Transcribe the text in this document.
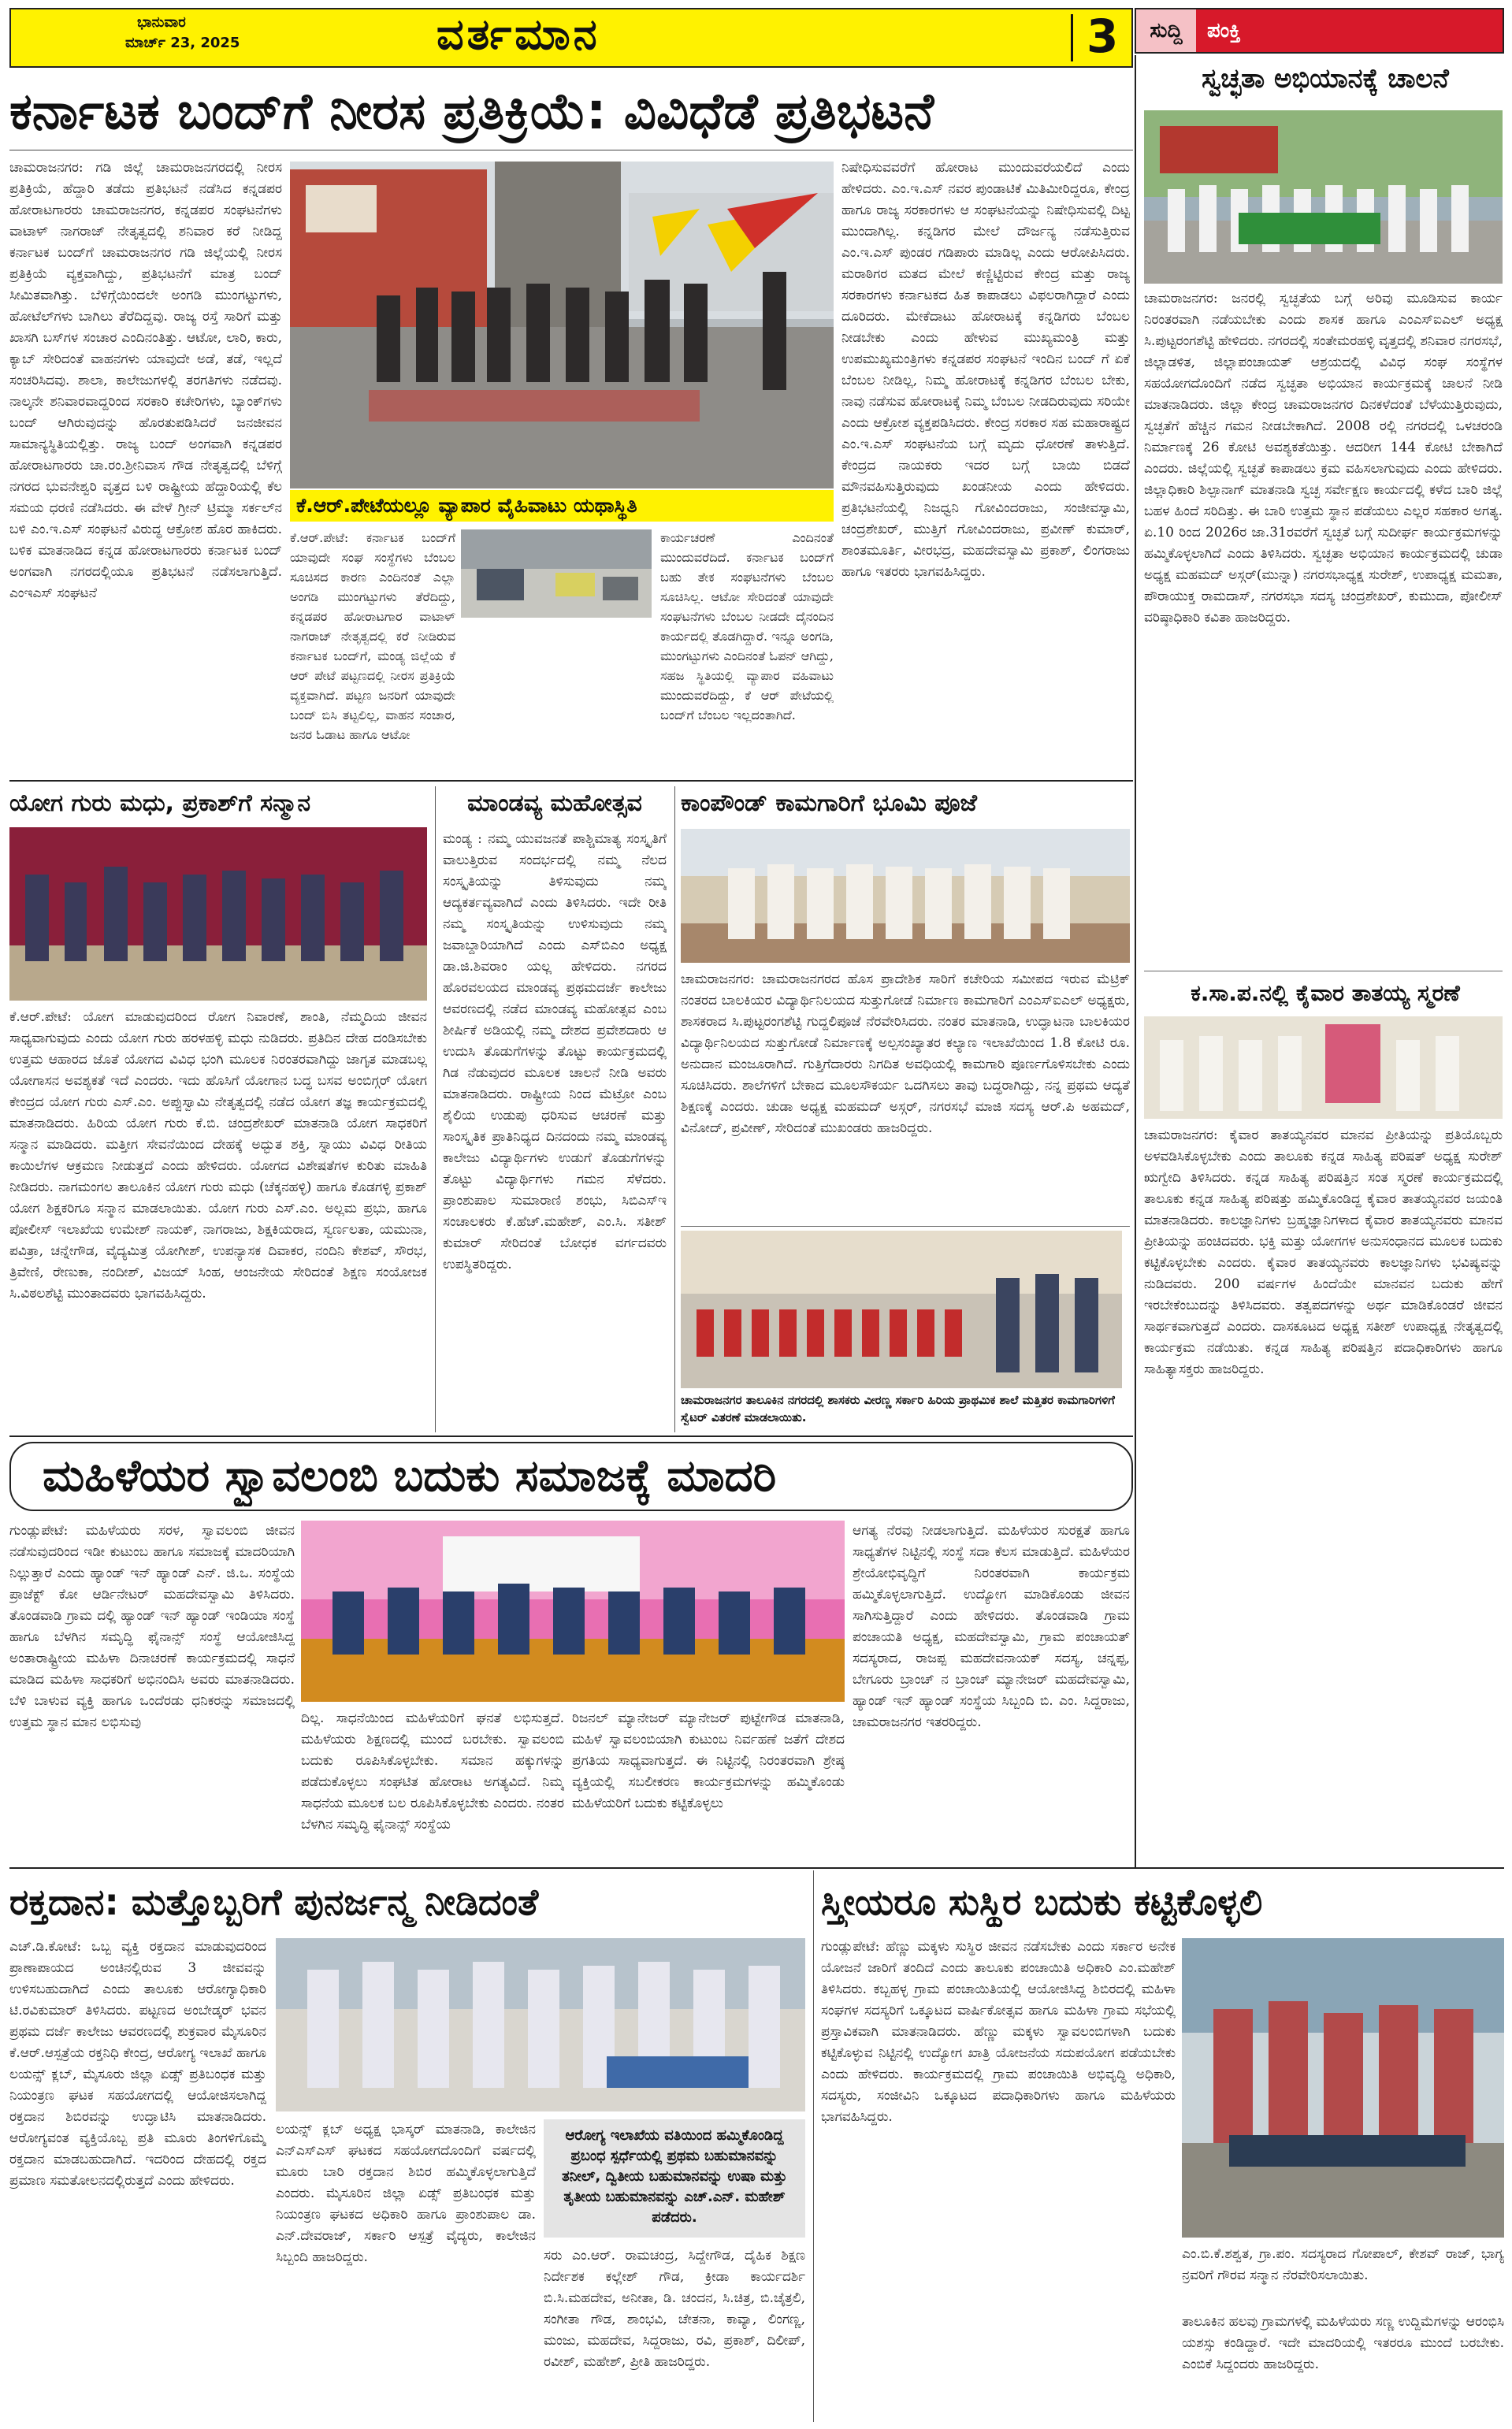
ಭಾನುವಾರ
ಮಾರ್ಚ್ 23, 2025	ವರ್ತಮಾನ	3	ಸುದ್ದಿ	ಪಂಕ್ತಿ
ಕರ್ನಾಟಕ ಬಂದ್‌ಗೆ ನೀರಸ ಪ್ರತಿಕ್ರಿಯೆ: ವಿವಿಧೆಡೆ ಪ್ರತಿಭಟನೆ
ಚಾಮರಾಜನಗರ: ಗಡಿ ಜಿಲ್ಲೆ ಚಾಮರಾಜನಗರದಲ್ಲಿ ನೀರಸ ಪ್ರತಿಕ್ರಿಯೆ, ಹೆದ್ದಾರಿ ತಡೆದು ಪ್ರತಿಭಟನೆ ನಡೆಸಿದ ಕನ್ನಡಪರ ಹೋರಾಟಗಾರರು ಚಾಮರಾಜನಗರ, ಕನ್ನಡಪರ ಸಂಘಟನೆಗಳು ವಾಟಾಳ್ ನಾಗರಾಜ್ ನೇತೃತ್ವದಲ್ಲಿ ಶನಿವಾರ ಕರೆ ನೀಡಿದ್ದ ಕರ್ನಾಟಕ ಬಂದ್‌ಗೆ ಚಾಮರಾಜನಗರ ಗಡಿ ಜಿಲ್ಲೆಯಲ್ಲಿ ನೀರಸ ಪ್ರತಿಕ್ರಿಯೆ ವ್ಯಕ್ತವಾಗಿದ್ದು, ಪ್ರತಿಭಟನೆಗೆ ಮಾತ್ರ ಬಂದ್ ಸೀಮಿತವಾಗಿತ್ತು. ಬೆಳಿಗ್ಗೆಯಿಂದಲೇ ಅಂಗಡಿ ಮುಂಗಟ್ಟುಗಳು, ಹೋಟೆಲ್‌ಗಳು ಬಾಗಿಲು ತೆರೆದಿದ್ದವು. ರಾಜ್ಯ ರಸ್ತೆ ಸಾರಿಗೆ ಮತ್ತು ಖಾಸಗಿ ಬಸ್‌ಗಳ ಸಂಚಾರ ಎಂದಿನಂತಿತ್ತು. ಆಟೋ, ಲಾರಿ, ಕಾರು, ಕ್ಯಾಬ್ ಸೇರಿದಂತೆ ವಾಹನಗಳು ಯಾವುದೇ ಅಡೆ, ತಡೆ, ಇಲ್ಲದೆ ಸಂಚರಿಸಿದವು. ಶಾಲಾ, ಕಾಲೇಜುಗಳಲ್ಲಿ ತರಗತಿಗಳು ನಡೆದವು. ನಾಲ್ಕನೇ ಶನಿವಾರವಾದ್ದರಿಂದ ಸರಕಾರಿ ಕಚೇರಿಗಳು, ಬ್ಯಾಂಕ್‌ಗಳು ಬಂದ್ ಆಗಿರುವುದನ್ನು ಹೊರತುಪಡಿಸಿದರೆ ಜನಜೀವನ ಸಾಮಾನ್ಯಸ್ಥಿತಿಯಲ್ಲಿತ್ತು. ರಾಜ್ಯ ಬಂದ್ ಅಂಗವಾಗಿ ಕನ್ನಡಪರ ಹೋರಾಟಗಾರರು ಚಾ.ರಂ.ಶ್ರೀನಿವಾಸ ಗೌಡ ನೇತೃತ್ವದಲ್ಲಿ ಬೆಳಿಗ್ಗೆ ನಗರದ ಭುವನೇಶ್ವರಿ ವೃತ್ತದ ಬಳಿ ರಾಷ್ಟ್ರೀಯ ಹೆದ್ದಾರಿಯಲ್ಲಿ ಕೆಲ ಸಮಯ ಧರಣಿ ನಡೆಸಿದರು. ಈ ವೇಳೆ ಗ್ರೀನ್ ಟ್ರಿಮ್ಮಾ ಸರ್ಕಲ್‌ನ ಬಳಿ ಎಂ.ಇ.ಎಸ್ ಸಂಘಟನೆ ವಿರುದ್ಧ ಆಕ್ರೋಶ ಹೊರ ಹಾಕಿದರು. ಬಳಿಕ ಮಾತನಾಡಿದ ಕನ್ನಡ ಹೋರಾಟಗಾರರು ಕರ್ನಾಟಕ ಬಂದ್ ಅಂಗವಾಗಿ ನಗರದಲ್ಲಿಯೂ ಪ್ರತಿಭಟನೆ ನಡೆಸಲಾಗುತ್ತಿದೆ. ಎಂಇಎಸ್ ಸಂಘಟನೆ
ಕೆ.ಆರ್.ಪೇಟೆಯಲ್ಲೂ ವ್ಯಾಪಾರ ವೈಹಿವಾಟು ಯಥಾಸ್ಥಿತಿ
ಕೆ.ಆರ್.ಪೇಟೆ: ಕರ್ನಾಟಕ ಬಂದ್‌ಗೆ ಯಾವುದೇ ಸಂಘ ಸಂಸ್ಥೆಗಳು ಬೆಂಬಲ ಸೂಚಿಸದ ಕಾರಣ ಎಂದಿನಂತೆ ಎಲ್ಲಾ ಅಂಗಡಿ ಮುಂಗಟ್ಟುಗಳು ತೆರೆದಿದ್ದು, ಕನ್ನಡಪರ ಹೋರಾಟಗಾರ ವಾಟಾಳ್ ನಾಗರಾಜ್ ನೇತೃತ್ವದಲ್ಲಿ ಕರೆ ನೀಡಿರುವ ಕರ್ನಾಟಕ ಬಂದ್‌ಗೆ, ಮಂಡ್ಯ ಜಿಲ್ಲೆಯ ಕೆ ಆರ್ ಪೇಟೆ ಪಟ್ಟಣದಲ್ಲಿ ನೀರಸ ಪ್ರತಿಕ್ರಿಯೆ ವ್ಯಕ್ತವಾಗಿದೆ. ಪಟ್ಟಣ ಜನರಿಗೆ ಯಾವುದೇ ಬಂದ್ ಬಿಸಿ ತಟ್ಟಲಿಲ್ಲ, ವಾಹನ ಸಂಚಾರ, ಜನರ ಓಡಾಟ ಹಾಗೂ ಆಟೋ
ಕಾರ್ಯಚರಣೆ ಎಂದಿನಂತೆ ಮುಂದುವರೆದಿದೆ. ಕರ್ನಾಟಕ ಬಂದ್‌ಗೆ ಬಹು ತೇಕ ಸಂಘಟನೆಗಳು ಬೆಂಬಲ ಸೂಚಿಸಿಲ್ಲ. ಆಟೋ ಸೇರಿದಂತೆ ಯಾವುದೇ ಸಂಘಟನೆಗಳು ಬೆಂಬಲ ನೀಡದೇ ದೈನಂದಿನ ಕಾರ್ಯದಲ್ಲಿ ತೊಡಗಿದ್ದಾರೆ. ಇನ್ನೂ ಅಂಗಡಿ, ಮುಂಗಟ್ಟುಗಳು ಎಂದಿನಂತೆ ಓಪನ್ ಆಗಿದ್ದು, ಸಹಜ ಸ್ಥಿತಿಯಲ್ಲಿ ವ್ಯಾಪಾರ ವಹಿವಾಟು ಮುಂದುವರೆದಿದ್ದು, ಕೆ ಆರ್ ಪೇಟೆಯಲ್ಲಿ ಬಂದ್‌ಗೆ ಬೆಂಬಲ ಇಲ್ಲದಂತಾಗಿದೆ.
ನಿಷೇಧಿಸುವವರೆಗೆ ಹೋರಾಟ ಮುಂದುವರೆಯಲಿದೆ ಎಂದು ಹೇಳಿದರು. ಎಂ.ಇ.ಎಸ್ ನವರ ಪುಂಡಾಟಿಕೆ ಮಿತಿಮೀರಿದ್ದರೂ, ಕೇಂದ್ರ ಹಾಗೂ ರಾಜ್ಯ ಸರಕಾರಗಳು ಆ ಸಂಘಟನೆಯನ್ನು ನಿಷೇಧಿಸುವಲ್ಲಿ ದಿಟ್ಟ ಮುಂದಾಗಿಲ್ಲ. ಕನ್ನಡಿಗರ ಮೇಲೆ ದೌರ್ಜನ್ಯ ನಡೆಸುತ್ತಿರುವ ಎಂ.ಇ.ಎಸ್ ಪುಂಡರ ಗಡಿಪಾರು ಮಾಡಿಲ್ಲ ಎಂದು ಆರೋಪಿಸಿದರು. ಮರಾಠಿಗರ ಮತದ ಮೇಲೆ ಕಣ್ಣಿಟ್ಟಿರುವ ಕೇಂದ್ರ ಮತ್ತು ರಾಜ್ಯ ಸರಕಾರಗಳು ಕರ್ನಾಟಕದ ಹಿತ ಕಾಪಾಡಲು ವಿಫಲರಾಗಿದ್ದಾರೆ ಎಂದು ದೂರಿದರು. ಮೇಕೆದಾಟು ಹೋರಾಟಕ್ಕೆ ಕನ್ನಡಿಗರು ಬೆಂಬಲ ನೀಡಬೇಕು ಎಂದು ಹೇಳುವ ಮುಖ್ಯಮಂತ್ರಿ ಮತ್ತು ಉಪಮುಖ್ಯಮಂತ್ರಿಗಳು ಕನ್ನಡಪರ ಸಂಘಟನೆ ಇಂದಿನ ಬಂದ್ ಗೆ ಏಕೆ ಬೆಂಬಲ ನೀಡಿಲ್ಲ, ನಿಮ್ಮ ಹೋರಾಟಕ್ಕೆ ಕನ್ನಡಿಗರ ಬೆಂಬಲ ಬೇಕು, ನಾವು ನಡೆಸುವ ಹೋರಾಟಕ್ಕೆ ನಿಮ್ಮ ಬೆಂಬಲ ನೀಡದಿರುವುದು ಸರಿಯೇ ಎಂದು ಆಕ್ರೋಶ ವ್ಯಕ್ತಪಡಿಸಿದರು. ಕೇಂದ್ರ ಸರಕಾರ ಸಹ ಮಹಾರಾಷ್ಟ್ರದ ಎಂ.ಇ.ಎಸ್ ಸಂಘಟನೆಯ ಬಗ್ಗೆ ಮೃದು ಧೋರಣೆ ತಾಳುತ್ತಿದೆ. ಕೇಂದ್ರದ ನಾಯಕರು ಇದರ ಬಗ್ಗೆ ಬಾಯಿ ಬಿಡದೆ ಮೌನವಹಿಸುತ್ತಿರುವುದು ಖಂಡನೀಯ ಎಂದು ಹೇಳಿದರು. ಪ್ರತಿಭಟನೆಯಲ್ಲಿ ನಿಜಧ್ವನಿ ಗೋವಿಂದರಾಜು, ಸಂಜೀವಸ್ವಾಮಿ, ಚಂದ್ರಶೇಖರ್, ಮುತ್ತಿಗೆ ಗೋವಿಂದರಾಜು, ಪ್ರವೀಣ್ ಕುಮಾರ್, ಶಾಂತಮೂರ್ತಿ, ವೀರಭದ್ರ, ಮಹದೇವಸ್ವಾಮಿ ಪ್ರಕಾಶ್, ಲಿಂಗರಾಜು ಹಾಗೂ ಇತರರು ಭಾಗವಹಿಸಿದ್ದರು.
ಯೋಗ ಗುರು ಮಧು, ಪ್ರಕಾಶ್‌ಗೆ ಸನ್ಮಾನ
ಕೆ.ಆರ್.ಪೇಟೆ: ಯೋಗ ಮಾಡುವುದರಿಂದ ರೋಗ ನಿವಾರಣೆ, ಶಾಂತಿ, ನೆಮ್ಮದಿಯ ಜೀವನ ಸಾಧ್ಯವಾಗುವುದು ಎಂದು ಯೋಗ ಗುರು ಹರಳಹಳ್ಳಿ ಮಧು ನುಡಿದರು. ಪ್ರತಿದಿನ ದೇಹ ದಂಡಿಸಬೇಕು ಉತ್ತಮ ಆಹಾರದ ಜೊತೆ ಯೋಗದ ವಿವಿಧ ಭಂಗಿ ಮೂಲಕ ನಿರಂತರವಾಗಿದ್ದು ಜಾಗೃತ ಮಾಡಬಲ್ಲ ಯೋಗಾಸನ ಅವಶ್ಯಕತೆ ಇದೆ ಎಂದರು. ಇದು ಹೊಸಿಗೆ ಯೋಗಾನ ಬದ್ಧ ಬಸವ ಅಂಬಿಗ್ಗರ್ ಯೋಗ ಕೇಂದ್ರದ ಯೋಗ ಗುರು ಎಸ್.ಎಂ. ಅಪ್ಪುಸ್ವಾಮಿ ನೇತೃತ್ವದಲ್ಲಿ ನಡೆದ ಯೋಗ ತಜ್ಞ ಕಾರ್ಯಕ್ರಮದಲ್ಲಿ ಮಾತನಾಡಿದರು. ಹಿರಿಯ ಯೋಗ ಗುರು ಕೆ.ಬಿ. ಚಂದ್ರಶೇಖರ್ ಮಾತನಾಡಿ ಯೋಗ ಸಾಧಕರಿಗೆ ಸನ್ಮಾನ ಮಾಡಿದರು. ಮತ್ತೀಗ ಸೇವನೆಯಿಂದ ದೇಹಕ್ಕೆ ಅದ್ಭುತ ಶಕ್ತಿ, ಸ್ನಾಯು ವಿವಿಧ ರೀತಿಯ ಕಾಯಿಲೆಗಳ ಆಕ್ರಮಣ ನೀಡುತ್ತದೆ ಎಂದು ಹೇಳಿದರು. ಯೋಗದ ವಿಶೇಷತೆಗಳ ಕುರಿತು ಮಾಹಿತಿ ನೀಡಿದರು. ನಾಗಮಂಗಲ ತಾಲೂಕಿನ ಯೋಗ ಗುರು ಮಧು (ಚೆಕ್ಕನಹಳ್ಳಿ) ಹಾಗೂ ಕೊಡಗಳ್ಳಿ ಪ್ರಕಾಶ್ ಯೋಗ ಶಿಕ್ಷಕರಿಗೂ ಸನ್ಮಾನ ಮಾಡಲಾಯಿತು. ಯೋಗ ಗುರು ಎಸ್.ಎಂ. ಅಲ್ಲಮ ಪ್ರಭು, ಹಾಗೂ ಪೋಲೀಸ್ ಇಲಾಖೆಯ ಉಮೇಶ್ ನಾಯಕ್, ನಾಗರಾಜು, ಶಿಕ್ಷಕಿಯರಾದ, ಸ್ವರ್ಣಲತಾ, ಯಮುನಾ, ಪವಿತ್ರಾ, ಚನ್ನೇಗೌಡ, ವೈದ್ಯಮಿತ್ರ ಯೋಗೀಶ್, ಉಪನ್ಯಾಸಕ ದಿವಾಕರ, ನಂದಿನಿ ಕೇಶವ್, ಸೌರಭ, ತ್ರಿವೇಣಿ, ರೇಣುಕಾ, ನಂದೀಶ್, ವಿಜಯ್ ಸಿಂಹ, ಆಂಜನೇಯ ಸೇರಿದಂತೆ ಶಿಕ್ಷಣ ಸಂಯೋಜಕ ಸಿ.ವಿಠಲಶೆಟ್ಟಿ ಮುಂತಾದವರು ಭಾಗವಹಿಸಿದ್ದರು.
ಮಾಂಡವ್ಯ ಮಹೋತ್ಸವ
ಮಂಡ್ಯ : ನಮ್ಮ ಯುವಜನತೆ ಪಾಶ್ಚಿಮಾತ್ಯ ಸಂಸ್ಕೃತಿಗೆ ವಾಲುತ್ತಿರುವ ಸಂದರ್ಭದಲ್ಲಿ ನಮ್ಮ ನೆಲದ ಸಂಸ್ಕೃತಿಯನ್ನು ತಿಳಿಸುವುದು ನಮ್ಮ ಆದ್ಯಕರ್ತವ್ಯವಾಗಿದೆ ಎಂದು ತಿಳಿಸಿದರು. ಇದೇ ರೀತಿ ನಮ್ಮ ಸಂಸ್ಕೃತಿಯನ್ನು ಉಳಿಸುವುದು ನಮ್ಮ ಜವಾಬ್ದಾರಿಯಾಗಿದೆ ಎಂದು ಎಸ್‌ಬಿಎಂ ಅಧ್ಯಕ್ಷ ಡಾ.ಜಿ.ಶಿವರಾಂ ಯಲ್ಲ ಹೇಳಿದರು. ನಗರದ ಹೊರವಲಯದ ಮಾಂಡವ್ಯ ಪ್ರಥಮದರ್ಜೆ ಕಾಲೇಜು ಆವರಣದಲ್ಲಿ ನಡೆದ ಮಾಂಡವ್ಯ ಮಹೋತ್ಸವ ಎಂಬ ಶೀರ್ಷಿಕೆ ಅಡಿಯಲ್ಲಿ ನಮ್ಮ ದೇಶದ ಪ್ರವೇಶದಾರು ಆ ಉದುಸಿ ತೊಡುಗೆಗಳನ್ನು ತೊಟ್ಟು ಕಾರ್ಯಕ್ರಮದಲ್ಲಿ ಗಿಡ ನೆಡುವುದರ ಮೂಲಕ ಚಾಲನೆ ನೀಡಿ ಅವರು ಮಾತನಾಡಿದರು. ರಾಷ್ಟ್ರೀಯ ನಿಂದ ಮೆಟ್ರೋ ಎಂಬ ಶೈಲಿಯ ಉಡುಪು ಧರಿಸುವ ಆಚರಣೆ ಮತ್ತು ಸಾಂಸ್ಕೃತಿಕ ಪ್ರಾತಿನಿಧ್ಯದ ದಿನದಂದು ನಮ್ಮ ಮಾಂಡವ್ಯ ಕಾಲೇಜು ವಿದ್ಯಾರ್ಥಿಗಳು ಉಡುಗೆ ತೊಡುಗೆಗಳನ್ನು ತೊಟ್ಟು ವಿದ್ಯಾರ್ಥಿಗಳು ಗಮನ ಸೆಳೆದರು. ಪ್ರಾಂಶುಪಾಲ ಸುಮಾರಾಣಿ ಶಂಭು, ಸಿಬಿಎಸ್‌ಇ ಸಂಚಾಲಕರು ಕೆ.ಹೆಚ್.ಮಹೇಶ್, ಎಂ.ಸಿ. ಸತೀಶ್ ಕುಮಾರ್ ಸೇರಿದಂತೆ ಬೋಧಕ ವರ್ಗದವರು ಉಪಸ್ಥಿತರಿದ್ದರು.
ಕಾಂಪೌಂಡ್ ಕಾಮಗಾರಿಗೆ ಭೂಮಿ ಪೂಜೆ
ಚಾಮರಾಜನಗರ: ಚಾಮರಾಜನಗರದ ಹೊಸ ಪ್ರಾದೇಶಿಕ ಸಾರಿಗೆ ಕಚೇರಿಯ ಸಮೀಪದ ಇರುವ ಮೆಟ್ರಿಕ್ ನಂತರದ ಬಾಲಕಿಯರ ವಿದ್ಯಾರ್ಥಿನಿಲಯದ ಸುತ್ತುಗೋಡೆ ನಿರ್ಮಾಣ ಕಾಮಗಾರಿಗೆ ಎಂಎಸ್‌ಐಎಲ್ ಅಧ್ಯಕ್ಷರು, ಶಾಸಕರಾದ ಸಿ.ಪುಟ್ಟರಂಗಶೆಟ್ಟಿ ಗುದ್ದಲಿಪೂಜೆ ನೆರವೇರಿಸಿದರು. ನಂತರ ಮಾತನಾಡಿ, ಉದ್ಘಾಟನಾ ಬಾಲಕಿಯರ ವಿದ್ಯಾರ್ಥಿನಿಲಯದ ಸುತ್ತುಗೋಡೆ ನಿರ್ಮಾಣಕ್ಕೆ ಅಲ್ಪಸಂಖ್ಯಾತರ ಕಲ್ಯಾಣ ಇಲಾಖೆಯಿಂದ 1.8 ಕೋಟಿ ರೂ. ಅನುದಾನ ಮಂಜೂರಾಗಿದೆ. ಗುತ್ತಿಗೆದಾರರು ನಿಗದಿತ ಅವಧಿಯಲ್ಲಿ ಕಾಮಗಾರಿ ಪೂರ್ಣಗೊಳಿಸಬೇಕು ಎಂದು ಸೂಚಿಸಿದರು. ಶಾಲೆಗಳಿಗೆ ಬೇಕಾದ ಮೂಲಸೌಕರ್ಯ ಒದಗಿಸಲು ತಾವು ಬದ್ಧರಾಗಿದ್ದು, ನನ್ನ ಪ್ರಥಮ ಆದ್ಯತೆ ಶಿಕ್ಷಣಕ್ಕೆ ಎಂದರು. ಚುಡಾ ಅಧ್ಯಕ್ಷ ಮಹಮದ್ ಅಸ್ಗರ್, ನಗರಸಭೆ ಮಾಜಿ ಸದಸ್ಯ ಆರ್.ಪಿ ಅಹಮದ್, ವಿನೋದ್, ಪ್ರವೀಣ್, ಸೇರಿದಂತೆ ಮುಖಂಡರು ಹಾಜರಿದ್ದರು.
ಚಾಮರಾಜನಗರ ತಾಲೂಕಿನ ನಗರದಲ್ಲಿ ಶಾಸಕರು ವೀರಣ್ಣ ಸರ್ಕಾರಿ ಹಿರಿಯ ಪ್ರಾಥಮಿಕ ಶಾಲೆ ಮತ್ತಿತರ ಕಾಮಗಾರಿಗಳಿಗೆ ಸ್ವೆಟರ್ ವಿತರಣೆ ಮಾಡಲಾಯಿತು.
ಮಹಿಳೆಯರ ಸ್ವಾವಲಂಬಿ ಬದುಕು ಸಮಾಜಕ್ಕೆ ಮಾದರಿ
ಗುಂಡ್ಲುಪೇಟೆ: ಮಹಿಳೆಯರು ಸರಳ, ಸ್ವಾವಲಂಬಿ ಜೀವನ ನಡೆಸುವುದರಿಂದ ಇಡೀ ಕುಟುಂಬ ಹಾಗೂ ಸಮಾಜಕ್ಕೆ ಮಾದರಿಯಾಗಿ ನಿಲ್ಲುತ್ತಾರೆ ಎಂದು ಹ್ಯಾಂಡ್ ಇನ್ ಹ್ಯಾಂಡ್ ಎನ್. ಜಿ.ಒ. ಸಂಸ್ಥೆಯ ಪ್ರಾಜೆಕ್ಟ್ ಕೋ ಆರ್ಡಿನೇಟರ್ ಮಹದೇವಸ್ವಾಮಿ ತಿಳಿಸಿದರು. ತೊಂಡವಾಡಿ ಗ್ರಾಮ ದಲ್ಲಿ ಹ್ಯಾಂಡ್ ಇನ್ ಹ್ಯಾಂಡ್ ಇಂಡಿಯಾ ಸಂಸ್ಥೆ ಹಾಗೂ ಬೆಳಗಿನ ಸಮೃದ್ಧಿ ಫೈನಾನ್ಸ್ ಸಂಸ್ಥೆ ಆಯೋಜಿಸಿದ್ದ ಅಂತಾರಾಷ್ಟ್ರೀಯ ಮಹಿಳಾ ದಿನಾಚರಣೆ ಕಾರ್ಯಕ್ರಮದಲ್ಲಿ ಸಾಧನೆ ಮಾಡಿದ ಮಹಿಳಾ ಸಾಧಕರಿಗೆ ಅಭಿನಂದಿಸಿ ಅವರು ಮಾತನಾಡಿದರು. ಬೆಳಿ ಬಾಳುವ ವ್ಯಕ್ತಿ ಹಾಗೂ ಒಂದೆರಡು ಧನಿಕರನ್ನು ಸಮಾಜದಲ್ಲಿ ಉತ್ತಮ ಸ್ಥಾನ ಮಾನ ಲಭಿಸುವು	ದಿಲ್ಲ. ಸಾಧನೆಯಿಂದ ಮಹಿಳೆಯರಿಗೆ ಘನತೆ ಲಭಿಸುತ್ತದೆ. ಮಹಿಳೆಯರು ಶಿಕ್ಷಣದಲ್ಲಿ ಮುಂದೆ ಬರಬೇಕು. ಸ್ವಾವಲಂಬಿ ಬದುಕು ರೂಪಿಸಿಕೊಳ್ಳಬೇಕು. ಸಮಾನ ಹಕ್ಕುಗಳನ್ನು ಪಡೆದುಕೊಳ್ಳಲು ಸಂಘಟಿತ ಹೋರಾಟ ಅಗತ್ಯವಿದೆ. ನಿಮ್ಮ ಸಾಧನೆಯ ಮೂಲಕ ಬಲ ರೂಪಿಸಿಕೊಳ್ಳಬೇಕು ಎಂದರು. ನಂತರ ಬೆಳಗಿನ ಸಮೃದ್ಧಿ ಫೈನಾನ್ಸ್ ಸಂಸ್ಥೆಯ
ರಿಜನಲ್ ಮ್ಯಾನೇಜರ್ ಮ್ಯಾನೇಜರ್ ಪುಟ್ಟೇಗೌಡ ಮಾತನಾಡಿ, ಮಹಿಳೆ ಸ್ವಾವಲಂಬಿಯಾಗಿ ಕುಟುಂಬ ನಿರ್ವಹಣೆ ಜತೆಗೆ ದೇಶದ ಪ್ರಗತಿಯ ಸಾಧ್ಯವಾಗುತ್ತದೆ. ಈ ನಿಟ್ಟಿನಲ್ಲಿ ನಿರಂತರವಾಗಿ ಶ್ರೇಷ್ಠ ವ್ಯಕ್ತಿಯಲ್ಲಿ ಸಬಲೀಕರಣ ಕಾರ್ಯಕ್ರಮಗಳನ್ನು ಹಮ್ಮಿಕೊಂಡು ಮಹಿಳೆಯರಿಗೆ ಬದುಕು ಕಟ್ಟಿಕೊಳ್ಳಲು
ಆಗತ್ಯ ನೆರವು ನೀಡಲಾಗುತ್ತಿದೆ. ಮಹಿಳೆಯರ ಸುರಕ್ಷತೆ ಹಾಗೂ ಸಾಧ್ಯತೆಗಳ ನಿಟ್ಟಿನಲ್ಲಿ ಸಂಸ್ಥೆ ಸದಾ ಕೆಲಸ ಮಾಡುತ್ತಿದೆ. ಮಹಿಳೆಯರ ಶ್ರೇಯೋಭಿವೃದ್ಧಿಗೆ ನಿರಂತರವಾಗಿ ಕಾರ್ಯಕ್ರಮ ಹಮ್ಮಿಕೊಳ್ಳಲಾಗುತ್ತಿದೆ. ಉದ್ಯೋಗ ಮಾಡಿಕೊಂಡು ಜೀವನ ಸಾಗಿಸುತ್ತಿದ್ದಾರೆ ಎಂದು ಹೇಳಿದರು. ತೊಂಡವಾಡಿ ಗ್ರಾಮ ಪಂಚಾಯತಿ ಅಧ್ಯಕ್ಷ, ಮಹದೇವಸ್ವಾಮಿ, ಗ್ರಾಮ ಪಂಚಾಯತ್ ಸದಸ್ಯರಾದ, ರಾಜಪ್ಪ ಮಹದೇವನಾಯಕ್ ಸದಸ್ಯ, ಚನ್ನಪ್ಪ, ಬೇಗೂರು ಬ್ರಾಂಚ್ ನ ಬ್ರಾಂಚ್ ಮ್ಯಾನೇಜರ್ ಮಹದೇವಸ್ವಾಮಿ, ಹ್ಯಾಂಡ್ ಇನ್ ಹ್ಯಾಂಡ್ ಸಂಸ್ಥೆಯ ಸಿಬ್ಬಂದಿ ಬಿ. ಎಂ. ಸಿದ್ದರಾಜು, ಚಾಮರಾಜನಗರ ಇತರರಿದ್ದರು.
ಸ್ವಚ್ಛತಾ ಅಭಿಯಾನಕ್ಕೆ ಚಾಲನೆ
ಚಾಮರಾಜನಗರ: ಜನರಲ್ಲಿ ಸ್ವಚ್ಛತೆಯ ಬಗ್ಗೆ ಅರಿವು ಮೂಡಿಸುವ ಕಾರ್ಯ ನಿರಂತರವಾಗಿ ನಡೆಯಬೇಕು ಎಂದು ಶಾಸಕ ಹಾಗೂ ಎಂಎಸ್‌ಐಎಲ್ ಅಧ್ಯಕ್ಷ ಸಿ.ಪುಟ್ಟರಂಗಶೆಟ್ಟಿ ಹೇಳಿದರು. ನಗರದಲ್ಲಿ ಸಂತೇಮರಹಳ್ಳಿ ವೃತ್ತದಲ್ಲಿ ಶನಿವಾರ ನಗರಸಭೆ, ಜಿಲ್ಲಾಡಳಿತ, ಜಿಲ್ಲಾಪಂಚಾಯತ್ ಆಶ್ರಯದಲ್ಲಿ ವಿವಿಧ ಸಂಘ ಸಂಸ್ಥೆಗಳ ಸಹಯೋಗದೊಂದಿಗೆ ನಡೆದ ಸ್ವಚ್ಛತಾ ಅಭಿಯಾನ ಕಾರ್ಯಕ್ರಮಕ್ಕೆ ಚಾಲನೆ ನೀಡಿ ಮಾತನಾಡಿದರು. ಜಿಲ್ಲಾ ಕೇಂದ್ರ ಚಾಮರಾಜನಗರ ದಿನಕಳೆದಂತೆ ಬೆಳೆಯುತ್ತಿರುವುದು, ಸ್ವಚ್ಛತೆಗೆ ಹೆಚ್ಚಿನ ಗಮನ ನೀಡಬೇಕಾಗಿದೆ. 2008 ರಲ್ಲಿ ನಗರದಲ್ಲಿ ಒಳಚರಂಡಿ ನಿರ್ಮಾಣಕ್ಕೆ 26 ಕೋಟಿ ಅವಶ್ಯಕತೆಯಿತ್ತು. ಆದರೀಗ 144 ಕೋಟಿ ಬೇಕಾಗಿದೆ ಎಂದರು. ಜಿಲ್ಲೆಯಲ್ಲಿ ಸ್ವಚ್ಛತೆ ಕಾಪಾಡಲು ಕ್ರಮ ವಹಿಸಲಾಗುವುದು ಎಂದು ಹೇಳಿದರು. ಜಿಲ್ಲಾಧಿಕಾರಿ ಶಿಲ್ಪಾನಾಗ್ ಮಾತನಾಡಿ ಸ್ವಚ್ಛ ಸರ್ವೇಕ್ಷಣ ಕಾರ್ಯದಲ್ಲಿ ಕಳೆದ ಬಾರಿ ಜಿಲ್ಲೆ ಬಹಳ ಹಿಂದೆ ಸರಿದಿತ್ತು. ಈ ಬಾರಿ ಉತ್ತಮ ಸ್ಥಾನ ಪಡೆಯಲು ಎಲ್ಲರ ಸಹಕಾರ ಅಗತ್ಯ. ಏ.10 ರಿಂದ 2026ರ ಜಾ.31ರವರೆಗೆ ಸ್ವಚ್ಛತೆ ಬಗ್ಗೆ ಸುದೀರ್ಘ ಕಾರ್ಯಕ್ರಮಗಳನ್ನು ಹಮ್ಮಿಕೊಳ್ಳಲಾಗಿದೆ ಎಂದು ತಿಳಿಸಿದರು. ಸ್ವಚ್ಛತಾ ಅಭಿಯಾನ ಕಾರ್ಯಕ್ರಮದಲ್ಲಿ ಚುಡಾ ಅಧ್ಯಕ್ಷ ಮಹಮದ್ ಅಸ್ಗರ್(ಮುನ್ನಾ) ನಗರಸಭಾಧ್ಯಕ್ಷ ಸುರೇಶ್, ಉಪಾಧ್ಯಕ್ಷ ಮಮತಾ, ಪೌರಾಯುಕ್ತ ರಾಮದಾಸ್, ನಗರಸಭಾ ಸದಸ್ಯ ಚಂದ್ರಶೇಖರ್, ಕುಮುದಾ, ಪೋಲೀಸ್ ವರಿಷ್ಠಾಧಿಕಾರಿ ಕವಿತಾ ಹಾಜರಿದ್ದರು.
ಕ.ಸಾ.ಪ.ನಲ್ಲಿ ಕೈವಾರ ತಾತಯ್ಯ ಸ್ಮರಣೆ
ಚಾಮರಾಜನಗರ: ಕೈವಾರ ತಾತಯ್ಯನವರ ಮಾನವ ಪ್ರೀತಿಯನ್ನು ಪ್ರತಿಯೊಬ್ಬರು ಅಳವಡಿಸಿಕೊಳ್ಳಬೇಕು ಎಂದು ತಾಲೂಕು ಕನ್ನಡ ಸಾಹಿತ್ಯ ಪರಿಷತ್ ಅಧ್ಯಕ್ಷ ಸುರೇಶ್ ಋಗ್ವೇದಿ ತಿಳಿಸಿದರು. ಕನ್ನಡ ಸಾಹಿತ್ಯ ಪರಿಷತ್ತಿನ ಸಂತ ಸ್ಮರಣೆ ಕಾರ್ಯಕ್ರಮದಲ್ಲಿ ತಾಲೂಕು ಕನ್ನಡ ಸಾಹಿತ್ಯ ಪರಿಷತ್ತು ಹಮ್ಮಿಕೊಂಡಿದ್ದ ಕೈವಾರ ತಾತಯ್ಯನವರ ಜಯಂತಿ ಮಾತನಾಡಿದರು. ಕಾಲಜ್ಞಾನಿಗಳು ಬ್ರಹ್ಮಜ್ಞಾನಿಗಳಾದ ಕೈವಾರ ತಾತಯ್ಯನವರು ಮಾನವ ಪ್ರೀತಿಯನ್ನು ಹಂಚಿದವರು. ಭಕ್ತಿ ಮತ್ತು ಯೋಗಗಳ ಅನುಸಂಧಾನದ ಮೂಲಕ ಬದುಕು ಕಟ್ಟಿಕೊಳ್ಳಬೇಕು ಎಂದರು. ಕೈವಾರ ತಾತಯ್ಯನವರು ಕಾಲಜ್ಞಾನಿಗಳು ಭವಿಷ್ಯವನ್ನು ನುಡಿದವರು. 200 ವರ್ಷಗಳ ಹಿಂದೆಯೇ ಮಾನವನ ಬದುಕು ಹೇಗೆ ಇರಬೇಕೆಂಬುದನ್ನು ತಿಳಿಸಿದವರು. ತತ್ವಪದಗಳನ್ನು ಅರ್ಥ ಮಾಡಿಕೊಂಡರೆ ಜೀವನ ಸಾರ್ಥಕವಾಗುತ್ತದೆ ಎಂದರು. ದಾಸಕೂಟದ ಅಧ್ಯಕ್ಷ ಸತೀಶ್ ಉಪಾಧ್ಯಕ್ಷ ನೇತೃತ್ವದಲ್ಲಿ ಕಾರ್ಯಕ್ರಮ ನಡೆಯಿತು. ಕನ್ನಡ ಸಾಹಿತ್ಯ ಪರಿಷತ್ತಿನ ಪದಾಧಿಕಾರಿಗಳು ಹಾಗೂ ಸಾಹಿತ್ಯಾಸಕ್ತರು ಹಾಜರಿದ್ದರು.
ರಕ್ತದಾನ: ಮತ್ತೊಬ್ಬರಿಗೆ ಪುನರ್ಜನ್ಮ ನೀಡಿದಂತೆ
ಎಚ್.ಡಿ.ಕೋಟೆ: ಒಬ್ಬ ವ್ಯಕ್ತಿ ರಕ್ತದಾನ ಮಾಡುವುದರಿಂದ ಪ್ರಾಣಾಪಾಯದ ಅಂಚಿನಲ್ಲಿರುವ 3 ಜೀವವನ್ನು ಉಳಿಸಬಹುದಾಗಿದೆ ಎಂದು ತಾಲೂಕು ಆರೋಗ್ಯಾಧಿಕಾರಿ ಟಿ.ರವಿಕುಮಾರ್ ತಿಳಿಸಿದರು. ಪಟ್ಟಣದ ಅಂಬೇಡ್ಕರ್ ಭವನ ಪ್ರಥಮ ದರ್ಜೆ ಕಾಲೇಜು ಆವರಣದಲ್ಲಿ ಶುಕ್ರವಾರ ಮೈಸೂರಿನ ಕೆ.ಆರ್.ಆಸ್ಪತ್ರೆಯ ರಕ್ತನಿಧಿ ಕೇಂದ್ರ, ಆರೋಗ್ಯ ಇಲಾಖೆ ಹಾಗೂ ಲಯನ್ಸ್ ಕ್ಲಬ್, ಮೈಸೂರು ಜಿಲ್ಲಾ ಏಡ್ಸ್ ಪ್ರತಿಬಂಧಕ ಮತ್ತು ನಿಯಂತ್ರಣ ಘಟಕ ಸಹಯೋಗದಲ್ಲಿ ಆಯೋಜಿಸಲಾಗಿದ್ದ ರಕ್ತದಾನ ಶಿಬಿರವನ್ನು ಉದ್ಘಾಟಿಸಿ ಮಾತನಾಡಿದರು. ಆರೋಗ್ಯವಂತ ವ್ಯಕ್ತಿಯೊಬ್ಬ ಪ್ರತಿ ಮೂರು ತಿಂಗಳಿಗೊಮ್ಮೆ ರಕ್ತದಾನ ಮಾಡಬಹುದಾಗಿದೆ. ಇದರಿಂದ ದೇಹದಲ್ಲಿ ರಕ್ತದ ಪ್ರಮಾಣ ಸಮತೋಲನದಲ್ಲಿರುತ್ತದೆ ಎಂದು ಹೇಳಿದರು.
ಲಯನ್ಸ್ ಕ್ಲಬ್ ಅಧ್ಯಕ್ಷ ಭಾಸ್ಕರ್ ಮಾತನಾಡಿ, ಕಾಲೇಜಿನ ಎನ್‌ಎಸ್‌ಎಸ್ ಘಟಕದ ಸಹಯೋಗದೊಂದಿಗೆ ವರ್ಷದಲ್ಲಿ ಮೂರು ಬಾರಿ ರಕ್ತದಾನ ಶಿಬಿರ ಹಮ್ಮಿಕೊಳ್ಳಲಾಗುತ್ತಿದೆ ಎಂದರು. ಮೈಸೂರಿನ ಜಿಲ್ಲಾ ಏಡ್ಸ್ ಪ್ರತಿಬಂಧಕ ಮತ್ತು ನಿಯಂತ್ರಣ ಘಟಕದ ಅಧಿಕಾರಿ ಹಾಗೂ ಪ್ರಾಂಶುಪಾಲ ಡಾ. ಎನ್.ದೇವರಾಜ್, ಸರ್ಕಾರಿ ಆಸ್ಪತ್ರೆ ವೈದ್ಯರು, ಕಾಲೇಜಿನ ಸಿಬ್ಬಂದಿ ಹಾಜರಿದ್ದರು.
ಆರೋಗ್ಯ ಇಲಾಖೆಯ ವತಿಯಿಂದ ಹಮ್ಮಿಕೊಂಡಿದ್ದ ಪ್ರಬಂಧ ಸ್ಪರ್ಧೆಯಲ್ಲಿ ಪ್ರಥಮ ಬಹುಮಾನವನ್ನು ತನೀಲ್, ದ್ವಿತೀಯ ಬಹುಮಾನವನ್ನು ಉಷಾ ಮತ್ತು ತೃತೀಯ ಬಹುಮಾನವನ್ನು ಎಚ್.ಎನ್. ಮಹೇಶ್ ಪಡೆದರು.
ಸರು ಎಂ.ಆರ್. ರಾಮಚಂದ್ರ, ಸಿದ್ದೇಗೌಡ, ದೈಹಿಕ ಶಿಕ್ಷಣ ನಿರ್ದೇಶಕ ಕಲ್ಲೇಶ್ ಗೌಡ, ಕ್ರೀಡಾ ಕಾರ್ಯದರ್ಶಿ ಬಿ.ಸಿ.ಮಹದೇವ, ಅನೀತಾ, ಡಿ. ಚಂದನ, ಸಿ.ಚಿತ್ರ, ಬಿ.ಚೈತ್ರಲಿ, ಸಂಗೀತಾ ಗೌಡ, ಶಾಂಭವಿ, ಚೇತನಾ, ಕಾವ್ಯಾ, ಲಿಂಗಣ್ಣ, ಮಂಜು, ಮಹದೇವ, ಸಿದ್ದರಾಜು, ರವಿ, ಪ್ರಕಾಶ್, ದಿಲೀಪ್, ರವೀಶ್, ಮಹೇಶ್, ಪ್ರೀತಿ ಹಾಜರಿದ್ದರು.
ಸ್ತ್ರೀಯರೂ ಸುಸ್ಥಿರ ಬದುಕು ಕಟ್ಟಿಕೊಳ್ಳಲಿ
ಗುಂಡ್ಲುಪೇಟೆ: ಹೆಣ್ಣು ಮಕ್ಕಳು ಸುಸ್ಥಿರ ಜೀವನ ನಡೆಸಬೇಕು ಎಂದು ಸರ್ಕಾರ ಅನೇಕ ಯೋಜನೆ ಜಾರಿಗೆ ತಂದಿದೆ ಎಂದು ತಾಲೂಕು ಪಂಚಾಯಿತಿ ಅಧಿಕಾರಿ ಎಂ.ಮಹೇಶ್ ತಿಳಿಸಿದರು. ಕಬ್ಬಹಳ್ಳ ಗ್ರಾಮ ಪಂಚಾಯಿತಿಯಲ್ಲಿ ಆಯೋಜಿಸಿದ್ದ ಶಿಬಿರದಲ್ಲಿ ಮಹಿಳಾ ಸಂಘಗಳ ಸದಸ್ಯರಿಗೆ ಒಕ್ಕೂಟದ ವಾರ್ಷಿಕೋತ್ಸವ ಹಾಗೂ ಮಹಿಳಾ ಗ್ರಾಮ ಸಭೆಯಲ್ಲಿ ಪ್ರಸ್ತಾವಿಕವಾಗಿ ಮಾತನಾಡಿದರು. ಹೆಣ್ಣು ಮಕ್ಕಳು ಸ್ವಾವಲಂಬಿಗಳಾಗಿ ಬದುಕು ಕಟ್ಟಿಕೊಳ್ಳುವ ನಿಟ್ಟಿನಲ್ಲಿ ಉದ್ಯೋಗ ಖಾತ್ರಿ ಯೋಜನೆಯ ಸದುಪಯೋಗ ಪಡೆಯಬೇಕು ಎಂದು ಹೇಳಿದರು. ಕಾರ್ಯಕ್ರಮದಲ್ಲಿ ಗ್ರಾಮ ಪಂಚಾಯಿತಿ ಅಭಿವೃದ್ಧಿ ಅಧಿಕಾರಿ, ಸದಸ್ಯರು, ಸಂಜೀವಿನಿ ಒಕ್ಕೂಟದ ಪದಾಧಿಕಾರಿಗಳು ಹಾಗೂ ಮಹಿಳೆಯರು ಭಾಗವಹಿಸಿದ್ದರು.
ಎಂ.ಬಿ.ಕೆ.ಶಶ್ವತ, ಗ್ರಾ.ಪಂ. ಸದಸ್ಯರಾದ ಗೋಪಾಲ್, ಕೇಶವ್ ರಾಜ್, ಭಾಗ್ಯ ನ್ರವರಿಗೆ ಗೌರವ ಸನ್ಮಾನ ನೆರವೇರಿಸಲಾಯಿತು.
ತಾಲೂಕಿನ ಹಲವು ಗ್ರಾಮಗಳಲ್ಲಿ ಮಹಿಳೆಯರು ಸಣ್ಣ ಉದ್ದಿಮೆಗಳನ್ನು ಆರಂಭಿಸಿ ಯಶಸ್ಸು ಕಂಡಿದ್ದಾರೆ. ಇದೇ ಮಾದರಿಯಲ್ಲಿ ಇತರರೂ ಮುಂದೆ ಬರಬೇಕು. ಎಂಬಿಕೆ ಸಿದ್ದಂದರು ಹಾಜರಿದ್ದರು.
